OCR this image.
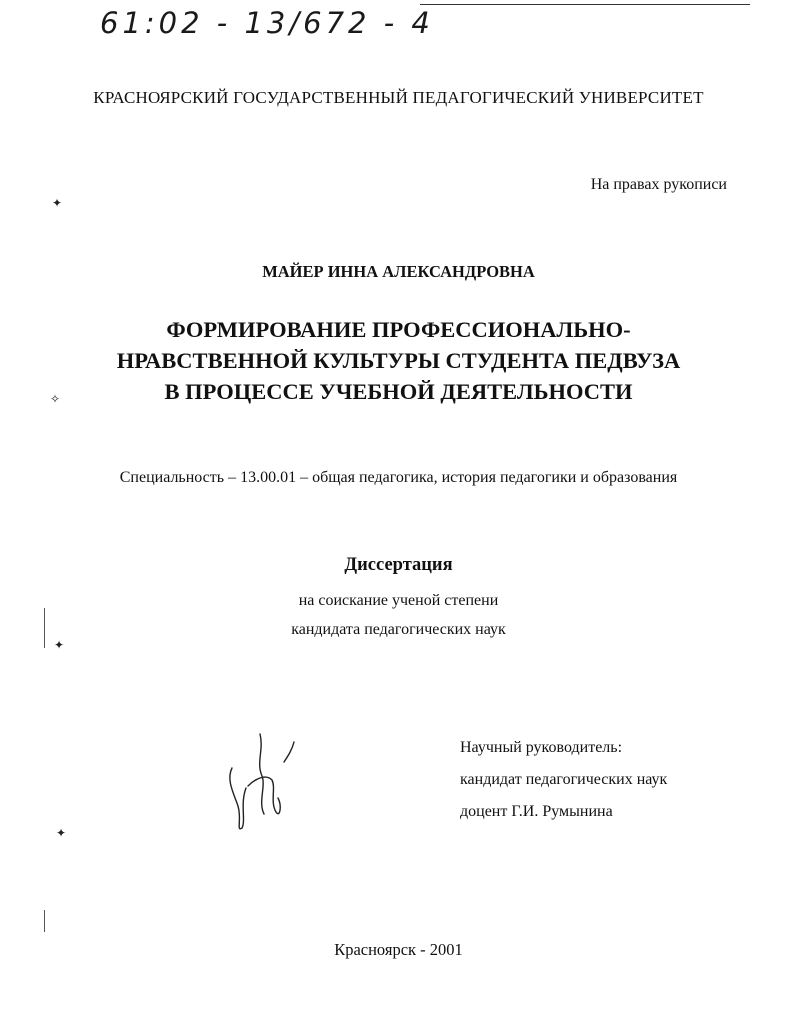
61:02 - 13/672 - 4
КРАСНОЯРСКИЙ ГОСУДАРСТВЕННЫЙ ПЕДАГОГИЧЕСКИЙ УНИВЕРСИТЕТ
На правах рукописи
МАЙЕР ИННА АЛЕКСАНДРОВНА
ФОРМИРОВАНИЕ ПРОФЕССИОНАЛЬНО-
НРАВСТВЕННОЙ КУЛЬТУРЫ СТУДЕНТА ПЕДВУЗА
В ПРОЦЕССЕ УЧЕБНОЙ ДЕЯТЕЛЬНОСТИ
Специальность – 13.00.01 – общая педагогика, история педагогики и образования
Диссертация
на соискание ученой степени
кандидата педагогических наук
Научный руководитель:
кандидат педагогических наук
доцент Г.И. Румынина
Красноярск - 2001
✦
✧
✦
✦
